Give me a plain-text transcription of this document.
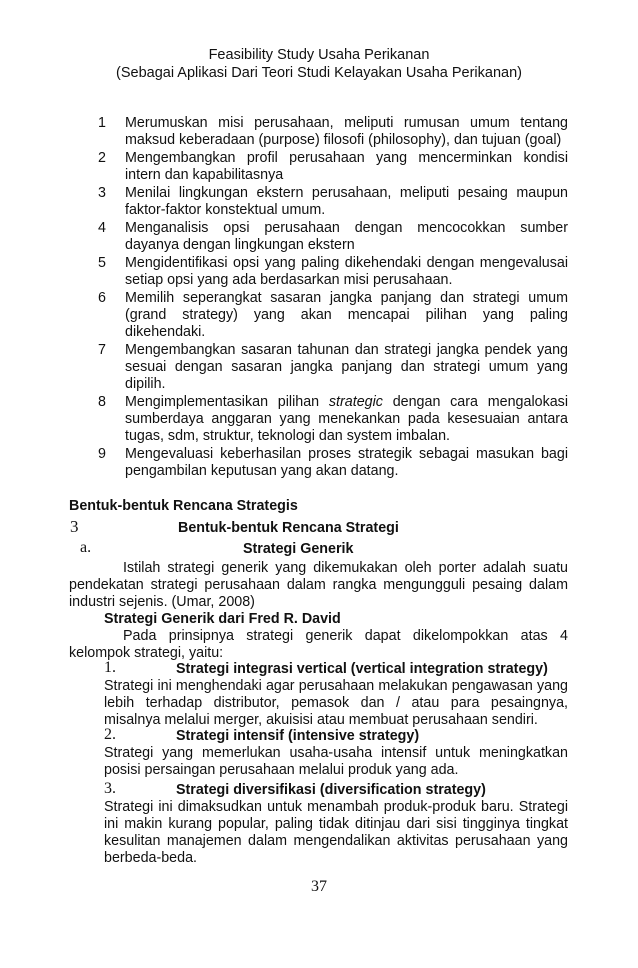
Feasibility Study Usaha Perikanan
(Sebagai Aplikasi Dari Teori Studi Kelayakan Usaha Perikanan)
1	Merumuskan misi perusahaan, meliputi rumusan umum tentang maksud keberadaan (purpose) filosofi (philosophy), dan tujuan (goal)
2	Mengembangkan profil perusahaan yang mencerminkan kondisi intern dan kapabilitasnya
3	Menilai lingkungan ekstern perusahaan, meliputi pesaing maupun faktor-faktor konstektual umum.
4	Menganalisis opsi perusahaan dengan mencocokkan sumber dayanya dengan lingkungan ekstern
5	Mengidentifikasi opsi yang paling dikehendaki dengan mengevalusai setiap opsi yang ada berdasarkan misi perusahaan.
6	Memilih seperangkat sasaran jangka panjang dan strategi umum (grand strategy) yang akan mencapai pilihan yang paling dikehendaki.
7	Mengembangkan sasaran tahunan dan strategi jangka pendek yang sesuai dengan sasaran jangka panjang dan strategi umum yang dipilih.
8	Mengimplementasikan pilihan strategic dengan cara mengalokasi sumberdaya anggaran yang menekankan pada kesesuaian antara tugas, sdm, struktur, teknologi dan system imbalan.
9	Mengevaluasi keberhasilan proses strategik sebagai masukan bagi pengambilan keputusan yang akan datang.
Bentuk-bentuk Rencana Strategis
3	Bentuk-bentuk Rencana Strategi
a.	Strategi Generik
Istilah strategi generik yang dikemukakan oleh porter adalah suatu pendekatan strategi perusahaan dalam rangka mengungguli pesaing dalam industri sejenis. (Umar, 2008)
Strategi Generik dari Fred R. David
Pada prinsipnya strategi generik dapat dikelompokkan atas 4 kelompok strategi, yaitu:
1.	Strategi integrasi vertical (vertical integration strategy)
Strategi ini menghendaki agar perusahaan melakukan pengawasan yang lebih terhadap distributor, pemasok dan / atau para pesaingnya, misalnya melalui merger, akuisisi atau membuat perusahaan sendiri.
2.	Strategi intensif (intensive strategy)
Strategi yang memerlukan usaha-usaha intensif untuk meningkatkan posisi persaingan perusahaan melalui produk yang ada.
3.	Strategi diversifikasi (diversification strategy)
Strategi ini dimaksudkan untuk menambah produk-produk baru. Strategi ini makin kurang popular, paling tidak ditinjau dari sisi tingginya tingkat kesulitan manajemen dalam mengendalikan aktivitas perusahaan yang berbeda-beda.
37
